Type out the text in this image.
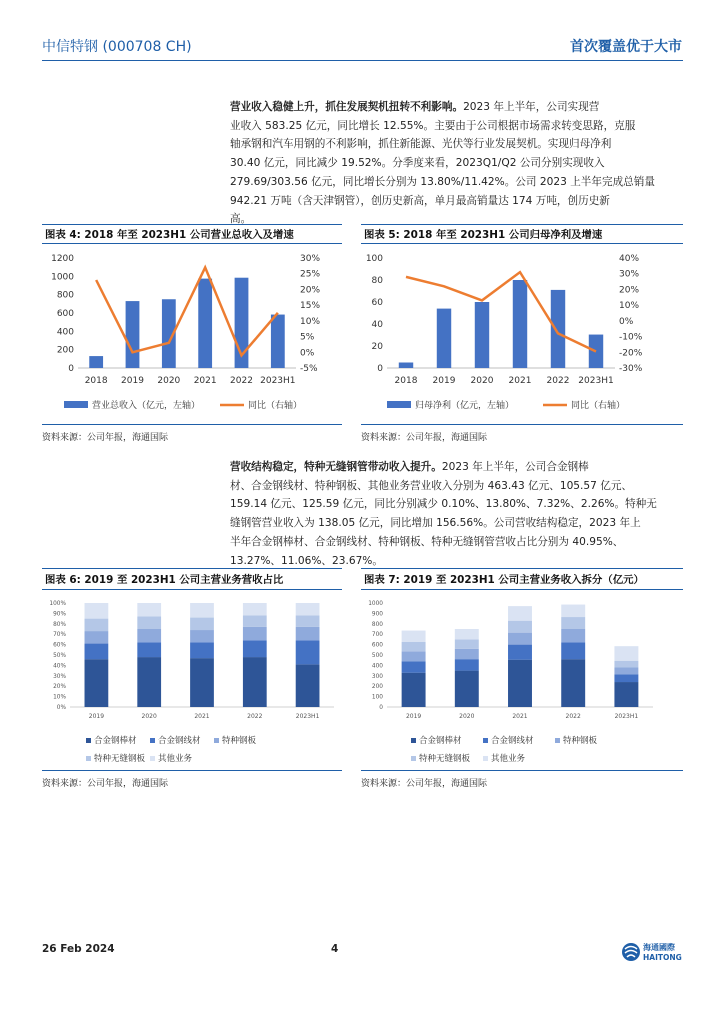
中信特钢 (000708 CH)	首次覆盖优于大市
营业收入稳健上升，抓住发展契机扭转不利影响。2023 年上半年，公司实现营
业收入 583.25 亿元，同比增长 12.55%。主要由于公司根据市场需求转变思路，克服
轴承钢和汽车用钢的不利影响，抓住新能源、光伏等行业发展契机。实现归母净利
30.40 亿元，同比减少 19.52%。分季度来看，2023Q1/Q2 公司分别实现收入
279.69/303.56 亿元，同比增长分别为 13.80%/11.42%。公司 2023 上半年完成总销量
942.21 万吨（含天津钢管），创历史新高，单月最高销量达 174 万吨，创历史新
高。
图表 4: 2018 年至 2023H1 公司营业总收入及增速
0
200
400
600
800
1000
1200
-5%
0%
5%
10%
15%
20%
25%
30%
2018 2019 2020 2021 2022 2023H1
营业总收入（亿元，左轴）	同比（右轴）
资料来源：公司年报，海通国际
图表 5: 2018 年至 2023H1 公司归母净利及增速
0
20
40
60
80
100
-30%
-20%
-10%
0%
10%
20%
30%
40%
2018 2019 2020 2021 2022 2023H1
归母净利（亿元，左轴）	同比（右轴）
资料来源：公司年报，海通国际
营收结构稳定，特种无缝钢管带动收入提升。2023 年上半年，公司合金钢棒
材、合金钢线材、特种钢板、其他业务营业收入分别为 463.43 亿元、105.57 亿元、
159.14 亿元、125.59 亿元，同比分别减少 0.10%、13.80%、7.32%、2.26%。特种无
缝钢管营业收入为 138.05 亿元，同比增加 156.56%。公司营收结构稳定，2023 年上
半年合金钢棒材、合金钢线材、特种钢板、特种无缝钢管营收占比分别为 40.95%、
13.27%、11.06%、23.67%。
图表 6: 2019 至 2023H1 公司主营业务营收占比
0%
10%
20%
30%
40%
50%
60%
70%
80%
90%
100%
2019	2020	2021	2022	2023H1
合金钢棒材	合金钢线材	特种钢板
特种无缝钢板 其他业务
资料来源：公司年报，海通国际
图表 7: 2019 至 2023H1 公司主营业务收入拆分（亿元）
0
100
200
300
400
500
600
700
800
900
1000
2019	2020	2021	2022	2023H1
合金钢棒材	合金钢线材	特种钢板
特种无缝钢板 其他业务
资料来源：公司年报，海通国际
26 Feb 2024	4	海通國際
HAITONG
